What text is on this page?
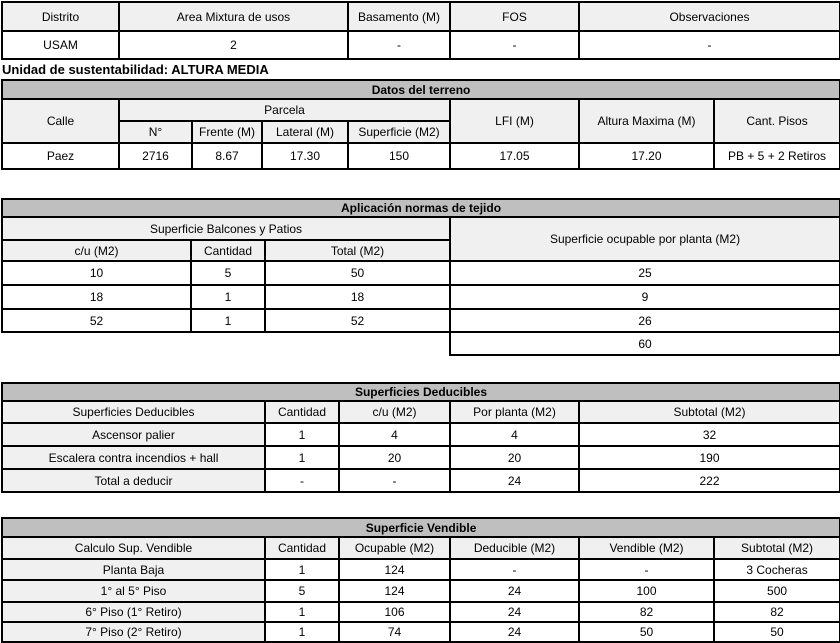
Distrito	Area Mixtura de usos	Basamento (M)	FOS	Observaciones
USAM	2	-	-	-
Unidad de sustentabilidad: ALTURA MEDIA
Datos del terreno							
Calle	Parcela				LFI (M)	Altura Maxima (M)	Cant. Pisos
	N°	Frente (M)	Lateral (M)	Superficie (M2)			
Paez	2716	8.67	17.30	150	17.05	17.20	PB + 5 + 2 Retiros
Aplicación normas de tejido			
Superficie Balcones y Patios			Superficie ocupable por planta (M2)
c/u (M2)	Cantidad	Total (M2)	
10	5	50	25
18	1	18	9
52	1	52	26
			60
Superficies Deducibles				
Superficies Deducibles	Cantidad	c/u (M2)	Por planta (M2)	Subtotal (M2)
Ascensor palier	1	4	4	32
Escalera contra incendios + hall	1	20	20	190
Total a deducir	-	-	24	222
Superficie Vendible					
Calculo Sup. Vendible	Cantidad	Ocupable (M2)	Deducible (M2)	Vendible (M2)	Subtotal (M2)
Planta Baja	1	124	-	-	3 Cocheras
1° al 5° Piso	5	124	24	100	500
6° Piso (1° Retiro)	1	106	24	82	82
7° Piso (2° Retiro)	1	74	24	50	50
